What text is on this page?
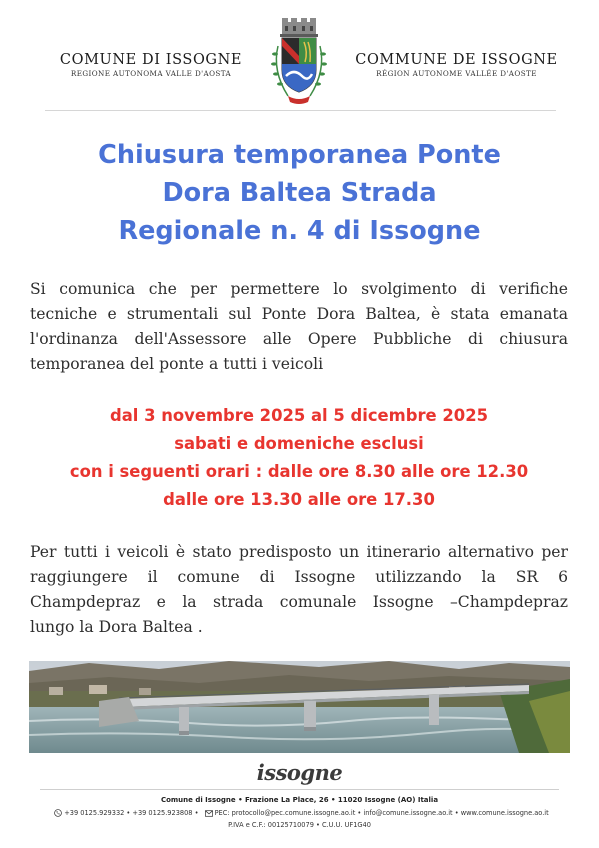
COMUNE DI ISSOGNE
REGIONE AUTONOMA VALLE D'AOSTA
COMMUNE DE ISSOGNE
RÉGION AUTONOME VALLÉE D'AOSTE
Chiusura temporanea Ponte
Dora Baltea Strada
Regionale n. 4 di Issogne
Si comunica che per permettere lo svolgimento di verifiche
tecniche e strumentali sul Ponte Dora Baltea, è stata emanata
l'ordinanza dell'Assessore alle Opere Pubbliche di chiusura
temporanea del ponte a tutti i veicoli
dal 3 novembre 2025 al 5 dicembre 2025
sabati e domeniche esclusi
con i seguenti orari : dalle ore 8.30 alle ore 12.30
dalle ore 13.30 alle ore 17.30
Per tutti i veicoli è stato predisposto un itinerario alternativo per
raggiungere il comune di Issogne utilizzando la SR 6
Champdepraz e la strada comunale Issogne –Champdepraz
lungo la Dora Baltea .
issogne
Comune di Issogne • Frazione La Place, 26 • 11020 Issogne (AO) Italia
+39 0125.929332 • +39 0125.923808 • PEC: protocollo@pec.comune.issogne.ao.it • info@comune.issogne.ao.it • www.comune.issogne.ao.it
P.IVA e C.F.: 00125710079 • C.U.U. UF1G40
